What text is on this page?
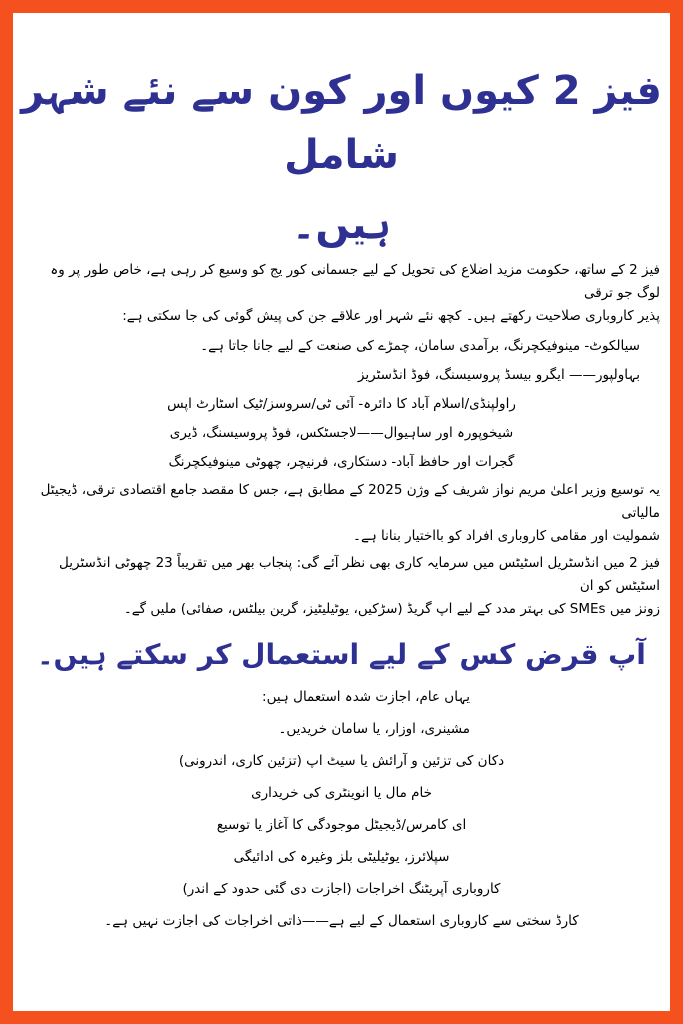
فیز 2 کیوں اور کون سے نئے شہر شامل
ہیں۔

فیز 2 کے ساتھ، حکومت مزید اضلاع کی تحویل کے لیے جسمانی کور یج کو وسیع کر رہی ہے، خاص طور پر وہ لوگ جو ترقی

پذیر کاروباری صلاحیت رکھتے ہیں۔ کچھ نئے شہر اور علاقے جن کی پیش گوئی کی جا سکتی ہے:

سیالکوٹ- مینوفیکچرنگ، برآمدی سامان، چمڑے کی صنعت کے لیے جانا جاتا ہے۔

بہاولپور—— ایگرو بیسڈ پروسیسنگ، فوڈ انڈسٹریز

راولپنڈی/اسلام آباد کا دائرہ- آئی ٹی/سروسز/ٹیک اسٹارٹ اپس

شیخوپورہ اور ساہیوال——لاجسٹکس، فوڈ پروسیسنگ، ڈیری

گجرات اور حافظ آباد- دستکاری، فرنیچر، چھوٹی مینوفیکچرنگ

یہ توسیع وزیر اعلیٰ مریم نواز شریف کے وژن 2025 کے مطابق ہے، جس کا مقصد جامع اقتصادی ترقی، ڈیجیٹل مالیاتی

شمولیت اور مقامی کاروباری افراد کو بااختیار بنانا ہے۔

فیز 2 میں انڈسٹریل اسٹیٹس میں سرمایہ کاری بھی نظر آئے گی: پنجاب بھر میں تقریباً 23 چھوٹی انڈسٹریل اسٹیٹس کو ان

زونز میں SMEs کی بہتر مدد کے لیے اپ گریڈ (سڑکیں، یوٹیلیٹیز، گرین بیلٹس، صفائی) ملیں گے۔

آپ قرض کس کے لیے استعمال کر سکتے ہیں۔

یہاں عام، اجازت شدہ استعمال ہیں:

مشینری، اوزار، یا سامان خریدیں۔

دکان کی تزئین و آرائش یا سیٹ اپ (تزئین کاری، اندرونی)

خام مال یا انوینٹری کی خریداری

ای کامرس/ڈیجیٹل موجودگی کا آغاز یا توسیع

سپلائرز، یوٹیلیٹی بلز وغیرہ کی ادائیگی

کاروباری آپریٹنگ اخراجات (اجازت دی گئی حدود کے اندر)

کارڈ سختی سے کاروباری استعمال کے لیے ہے——ذاتی اخراجات کی اجازت نہیں ہے۔
